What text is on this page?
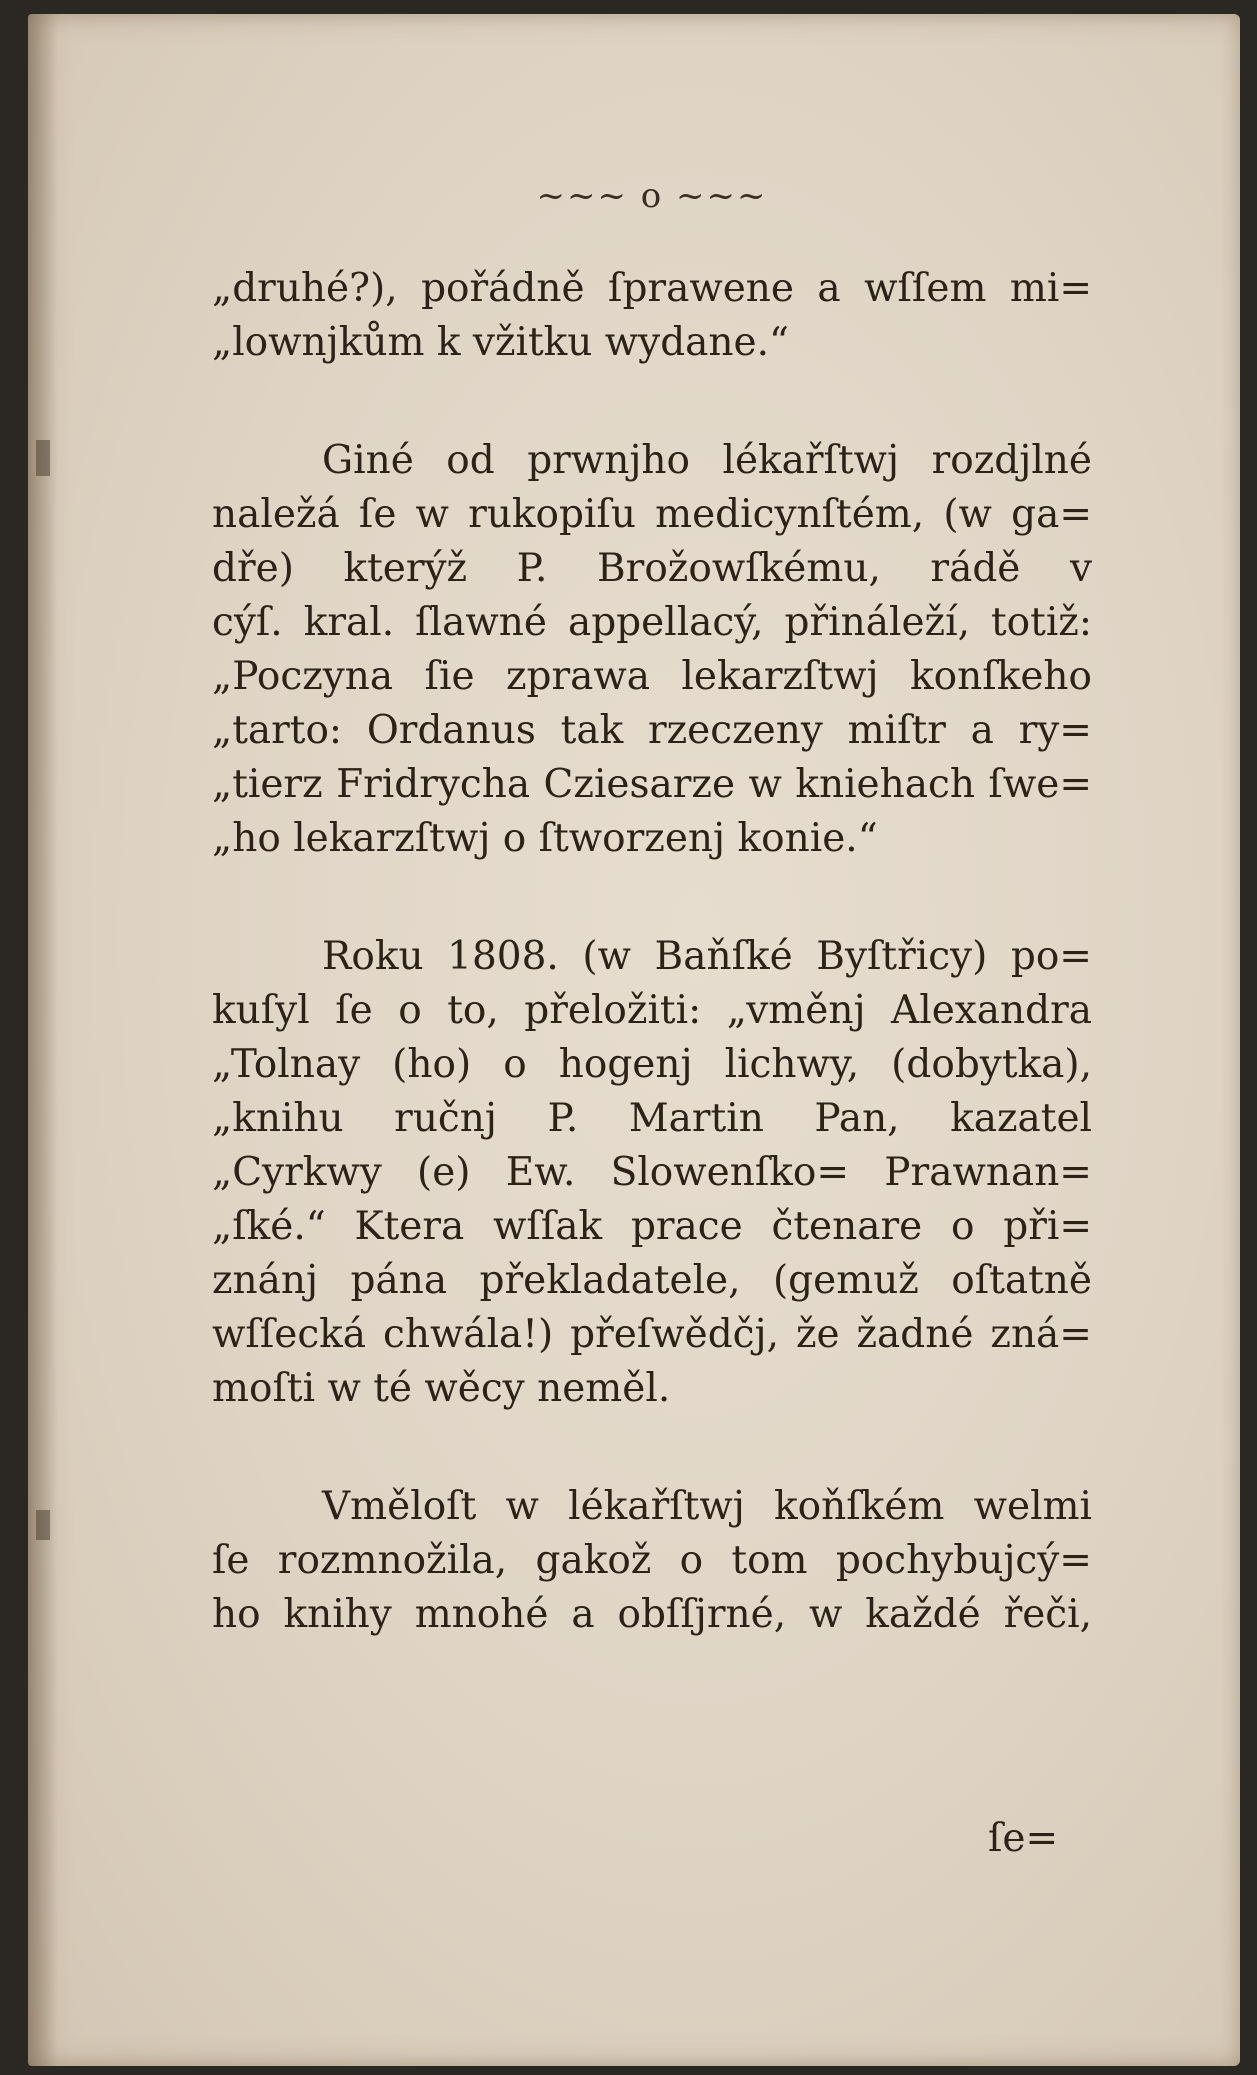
~~~ o ~~~
„druhé?), pořádně ſprawene a wſſem mi=
„lownjkům k vžitku wydane.“
Giné od prwnjho lékařſtwj rozdjlné
naležá ſe w rukopiſu medicynſtém, (w ga=
dře) kterýž P. Brožowſkému, rádě v
cýſ. kral. ſlawné appellacý, přináleží, totiž:
„Poczyna ſie zprawa lekarzſtwj konſkeho
„tarto: Ordanus tak rzeczeny miſtr a ry=
„tierz Fridrycha Cziesarze w kniehach ſwe=
„ho lekarzſtwj o ſtworzenj konie.“
Roku 1808. (w Baňſké Byſtřicy) po=
kuſyl ſe o to, přeložiti: „vměnj Alexandra
„Tolnay (ho) o hogenj lichwy, (dobytka),
„knihu ručnj P. Martin Pan, kazatel
„Cyrkwy (e) Ew. Slowenſko= Prawnan=
„ſké.“ Ktera wſſak prace čtenare o při=
znánj pána překladatele, (gemuž oſtatně
wſſecká chwála!) přeſwědčj, že žadné zná=
moſti w té wěcy neměl.
Vměloſt w lékařſtwj koňſkém welmi
ſe rozmnožila, gakož o tom pochybujcý=
ho knihy mnohé a obſſjrné, w každé řeči,
ſe=
